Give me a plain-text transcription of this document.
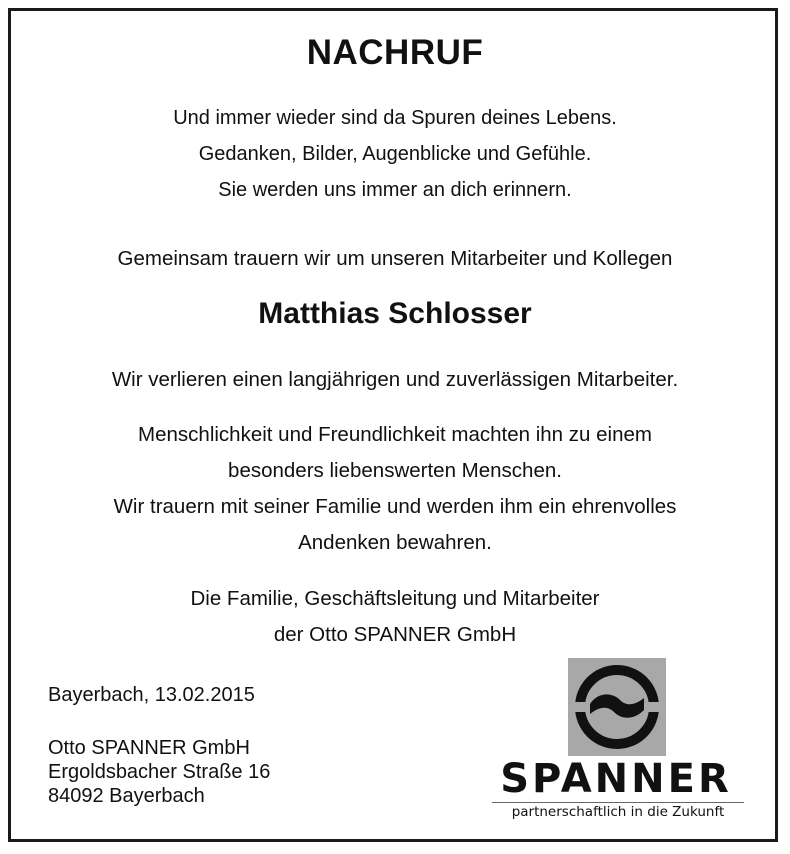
NACHRUF
Und immer wieder sind da Spuren deines Lebens.
Gedanken, Bilder, Augenblicke und Gefühle.
Sie werden uns immer an dich erinnern.
Gemeinsam trauern wir um unseren Mitarbeiter und Kollegen
Matthias Schlosser
Wir verlieren einen langjährigen und zuverlässigen Mitarbeiter.
Menschlichkeit und Freundlichkeit machten ihn zu einem
besonders liebenswerten Menschen.
Wir trauern mit seiner Familie und werden ihm ein ehrenvolles
Andenken bewahren.
Die Familie, Geschäftsleitung und Mitarbeiter
der Otto SPANNER GmbH
Bayerbach, 13.02.2015
Otto SPANNER GmbH
Ergoldsbacher Straße 16
84092 Bayerbach	SPANNER
partnerschaftlich in die Zukunft
